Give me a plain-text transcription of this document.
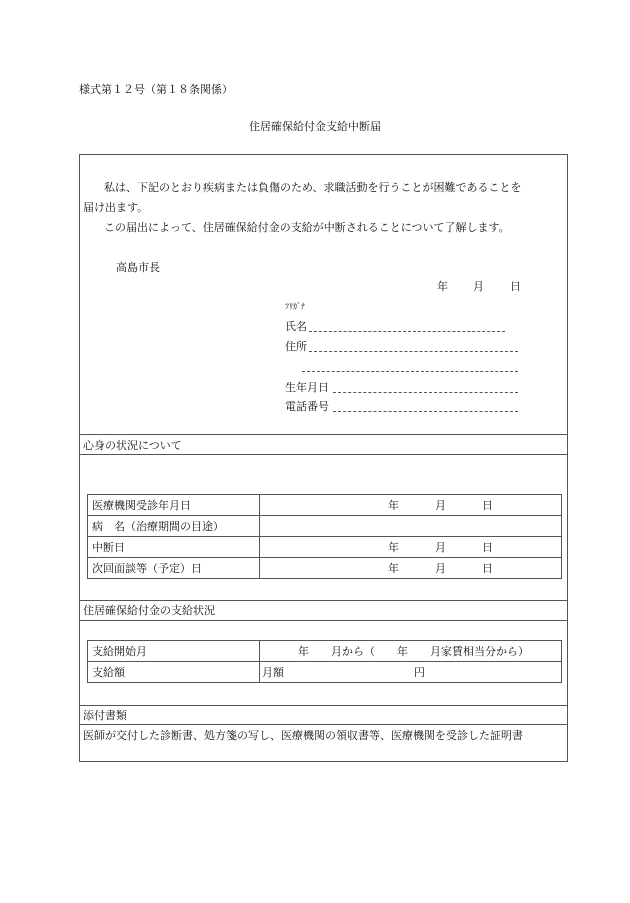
様式第１２号（第１８条関係）
住居確保給付金支給中断届
私は、下記のとおり疾病または負傷のため、求職活動を行うことが困難であることを
届け出ます。
この届出によって、住居確保給付金の支給が中断されることについて了解します。
高島市長
年 月 日
ﾌﾘｶﾞﾅ
氏名
住所
生年月日
電話番号
心身の状況について
医療機関受診年月日	年 月 日

病　名（治療期間の目途）	
中断日	年 月 日

次回面談等（予定）日	年 月 日
住居確保給付金の支給状況
支給開始月	年　　月から（　　年　　月家賃相当分から）

支給額	月額 円
添付書類
医師が交付した診断書、処方箋の写し、医療機関の領収書等、医療機関を受診した証明書
